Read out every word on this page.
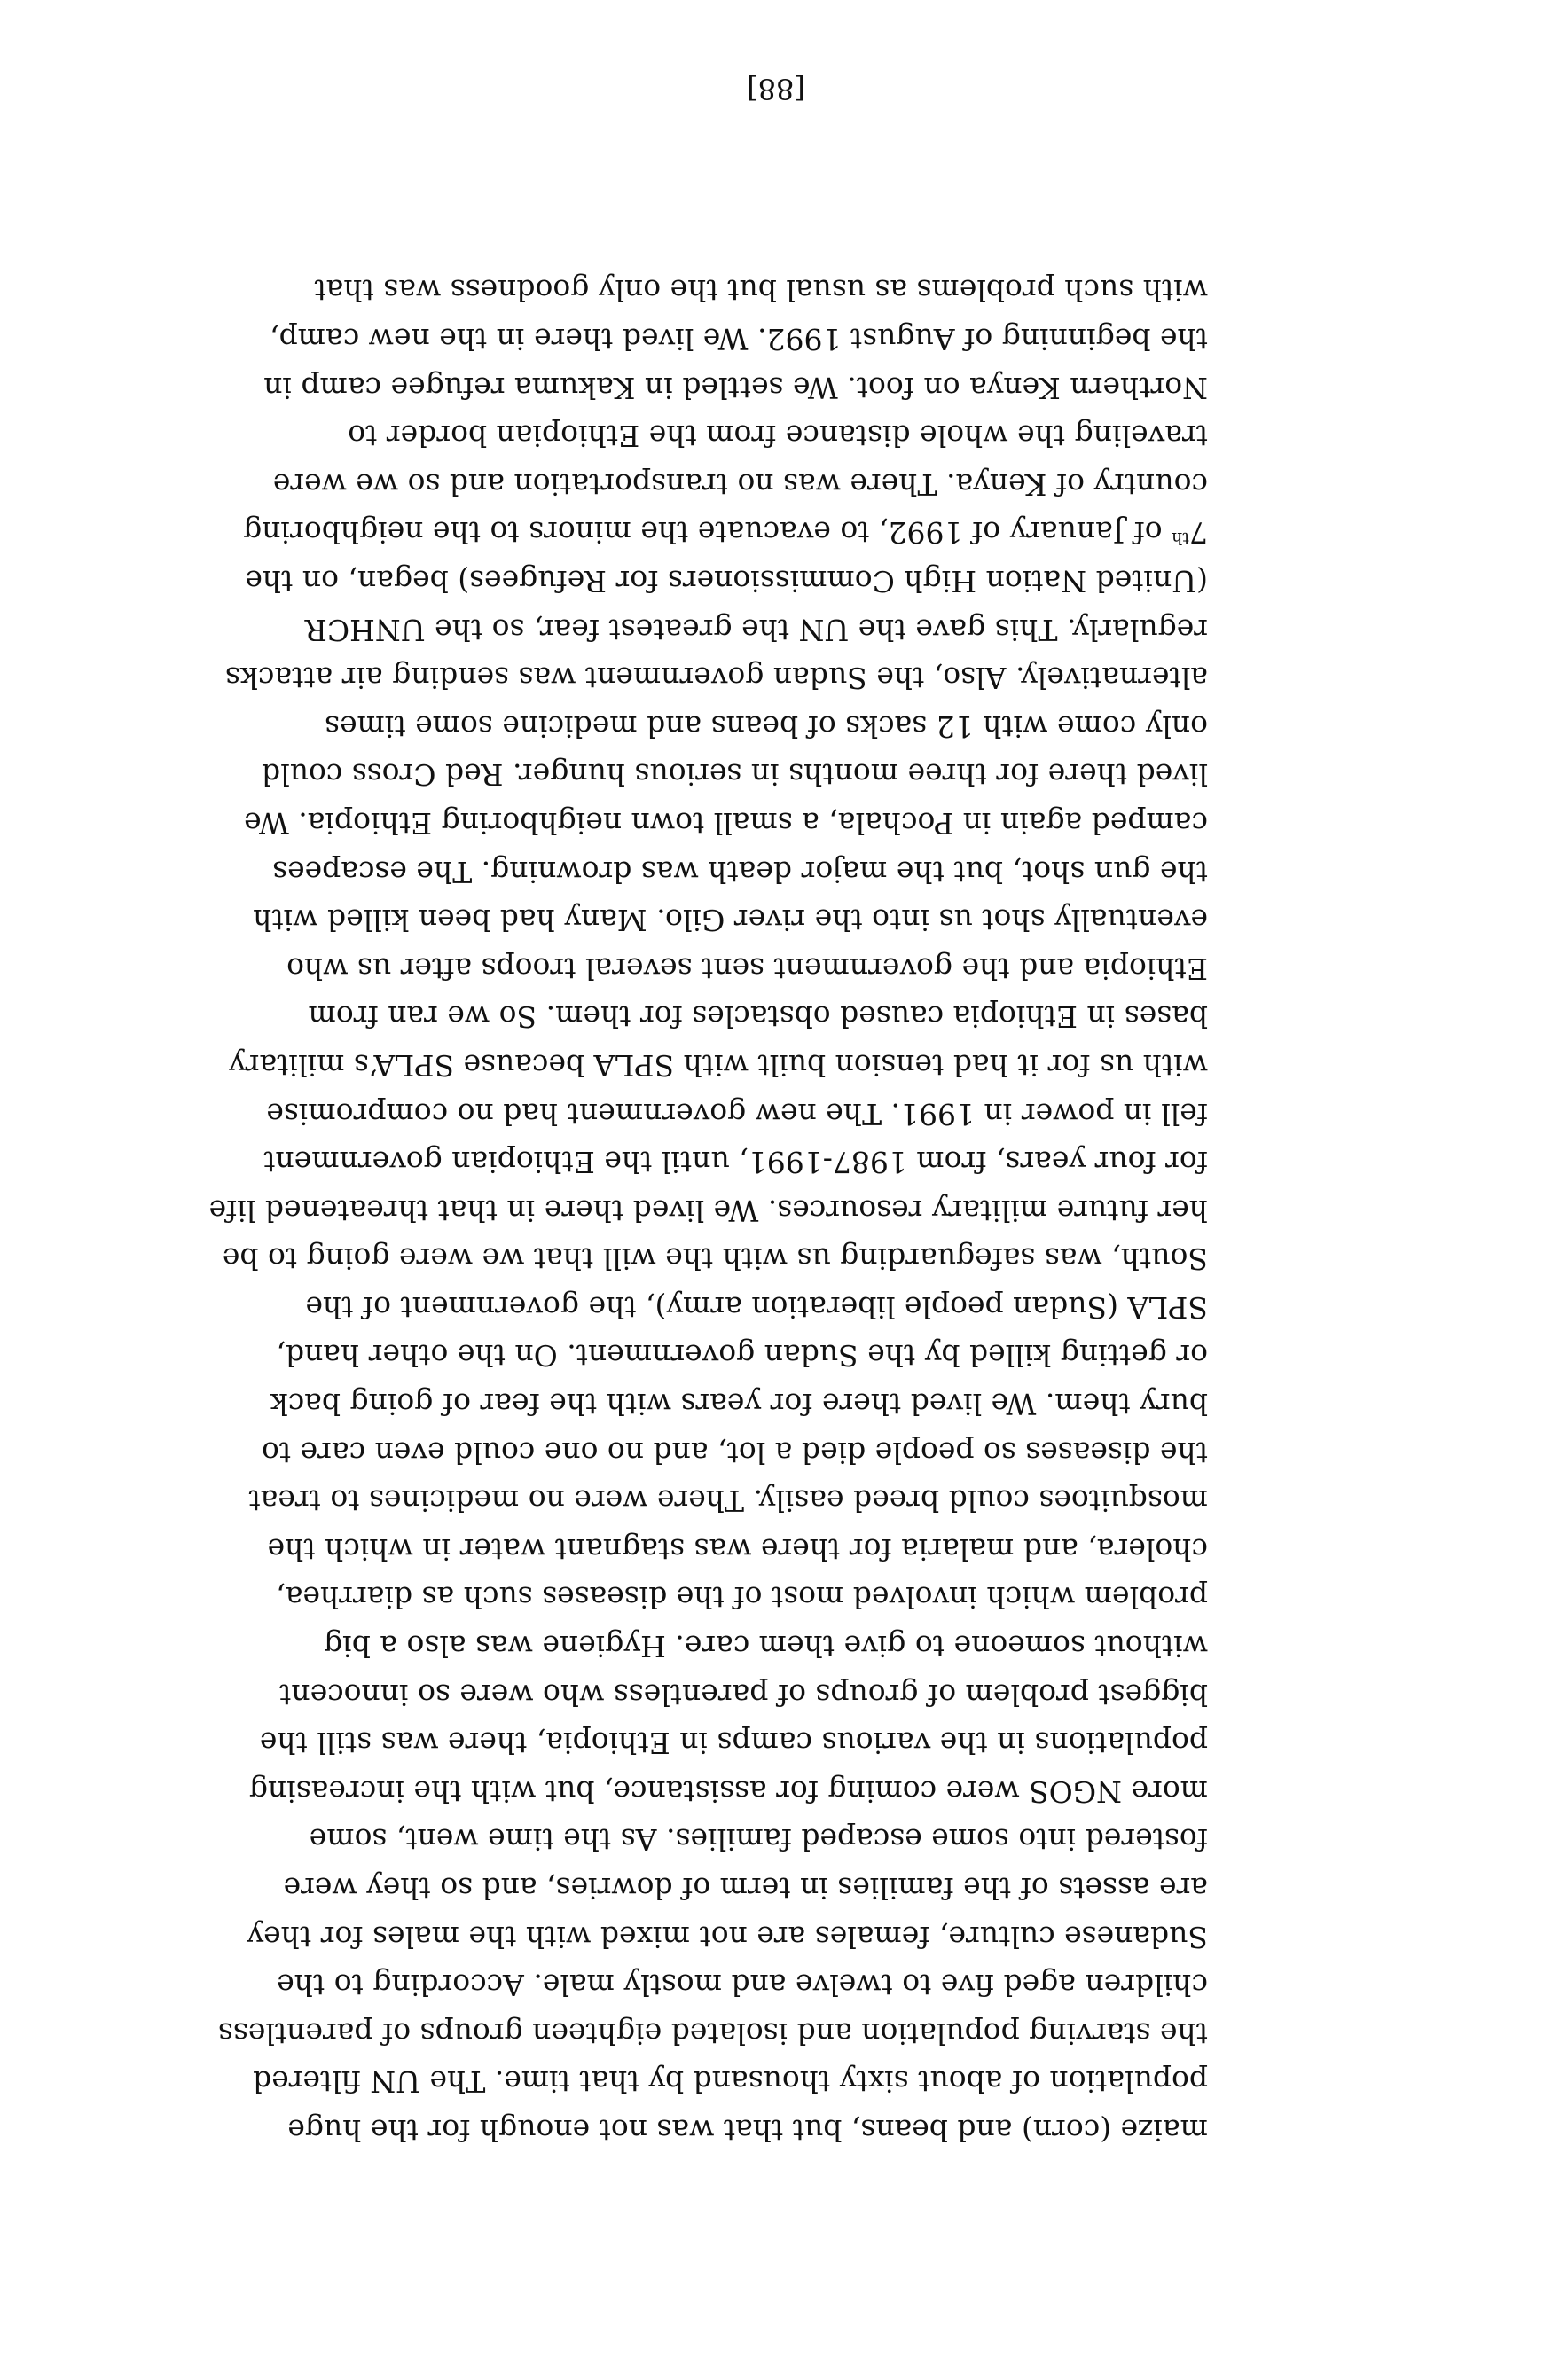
maize (corn) and beans, but that was not enough for the huge
population of about sixty thousand by that time. The UN filtered
the starving population and isolated eighteen groups of parentless
children aged five to twelve and mostly male. According to the
Sudanese culture, females are not mixed with the males for they
are assets of the families in term of dowries, and so they were
fostered into some escaped families. As the time went, some
more NGOS were coming for assistance, but with the increasing
populations in the various camps in Ethiopia, there was still the
biggest problem of groups of parentless who were so innocent
without someone to give them care. Hygiene was also a big
problem which involved most of the diseases such as diarrhea,
cholera, and malaria for there was stagnant water in which the
mosquitoes could breed easily. There were no medicines to treat
the diseases so people died a lot, and no one could even care to
bury them. We lived there for years with the fear of going back
or getting killed by the Sudan government. On the other hand,
SPLA (Sudan people liberation army), the government of the
South, was safeguarding us with the will that we were going to be
her future military resources. We lived there in that threatened life
for four years, from 1987-1991, until the Ethiopian government
fell in power in 1991. The new government had no compromise
with us for it had tension built with SPLA because SPLA’s military
bases in Ethiopia caused obstacles for them. So we ran from
Ethiopia and the government sent several troops after us who
eventually shot us into the river Gilo. Many had been killed with
the gun shot, but the major death was drowning. The escapees
camped again in Pochala, a small town neighboring Ethiopia. We
lived there for three months in serious hunger. Red Cross could
only come with 12 sacks of beans and medicine some times
alternatively. Also, the Sudan government was sending air attacks
regularly. This gave the UN the greatest fear, so the UNHCR
(United Nation High Commissioners for Refugees) began, on the
7th of January of 1992, to evacuate the minors to the neighboring
country of Kenya. There was no transportation and so we were
traveling the whole distance from the Ethiopian border to
Northern Kenya on foot. We settled in Kakuma refugee camp in
the beginning of August 1992. We lived there in the new camp,
with such problems as usual but the only goodness was that
[88]
